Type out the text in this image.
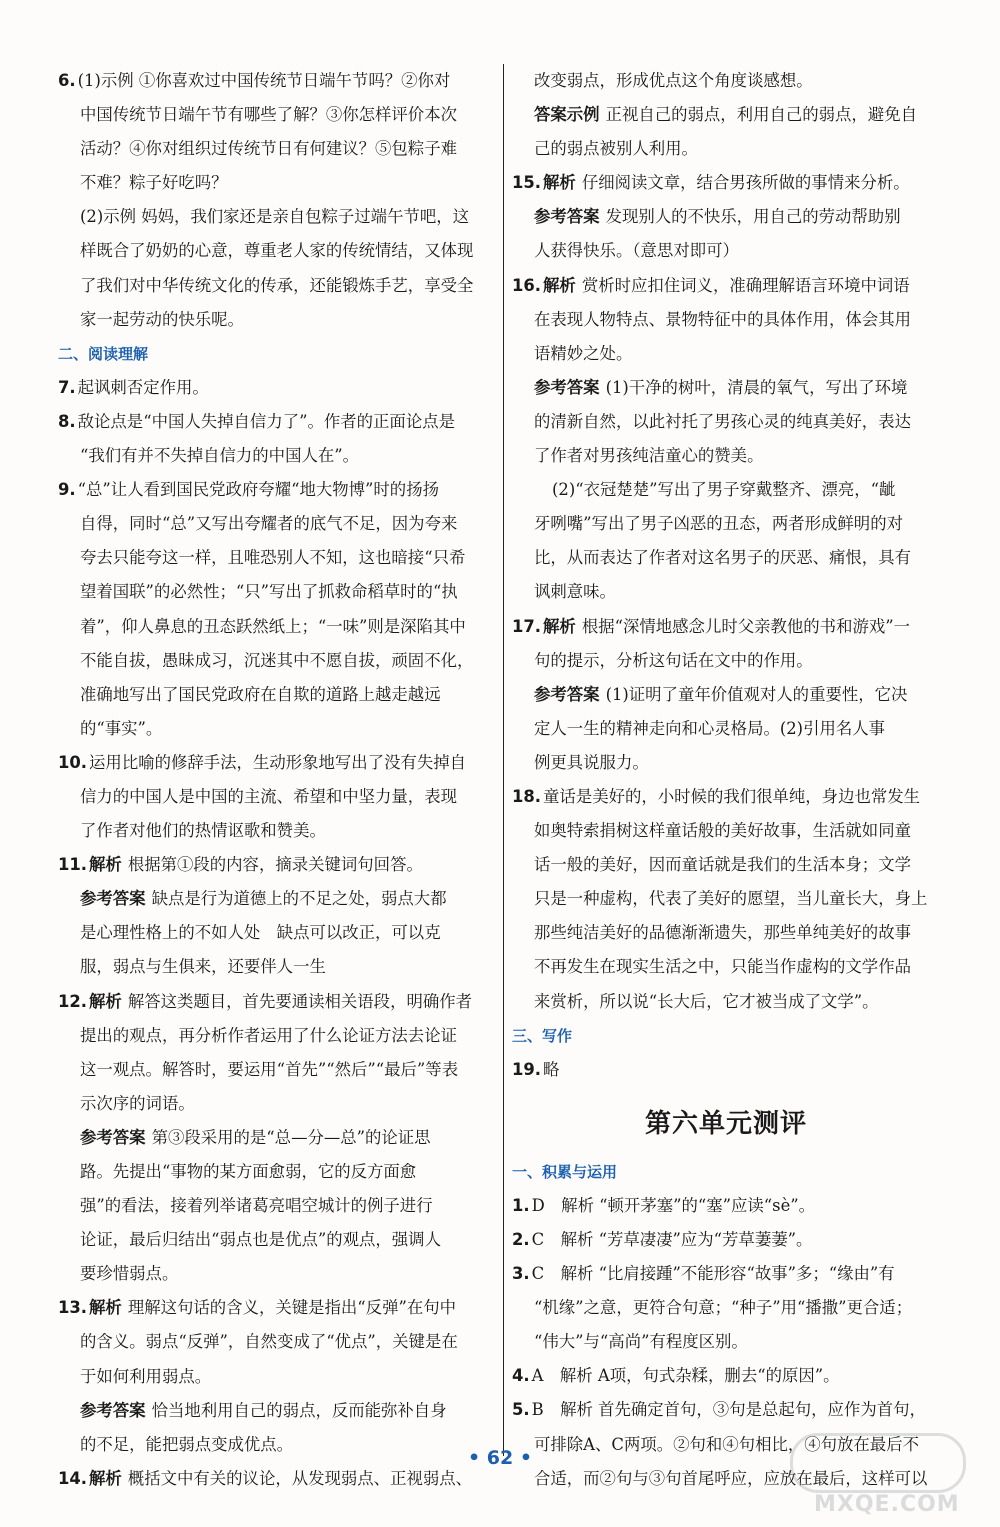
6. (1)示例 ①你喜欢过中国传统节日端午节吗？②你对
中国传统节日端午节有哪些了解？③你怎样评价本次
活动？④你对组织过传统节日有何建议？⑤包粽子难
不难？粽子好吃吗？
(2)示例 妈妈，我们家还是亲自包粽子过端午节吧，这
样既合了奶奶的心意，尊重老人家的传统情结，又体现
了我们对中华传统文化的传承，还能锻炼手艺，享受全
家一起劳动的快乐呢。
二、阅读理解
7. 起讽刺否定作用。
8. 敌论点是“中国人失掉自信力了”。作者的正面论点是
“我们有并不失掉自信力的中国人在”。
9. “总”让人看到国民党政府夸耀“地大物博”时的扬扬
自得，同时“总”又写出夸耀者的底气不足，因为夸来
夸去只能夸这一样，且唯恐别人不知，这也暗接“只希
望着国联”的必然性；“只”写出了抓救命稻草时的“执
着”，仰人鼻息的丑态跃然纸上；“一味”则是深陷其中
不能自拔，愚昧成习，沉迷其中不愿自拔，顽固不化，
准确地写出了国民党政府在自欺的道路上越走越远
的“事实”。
10. 运用比喻的修辞手法，生动形象地写出了没有失掉自
信力的中国人是中国的主流、希望和中坚力量，表现
了作者对他们的热情讴歌和赞美。
11. 解析 根据第①段的内容，摘录关键词句回答。
参考答案 缺点是行为道德上的不足之处，弱点大都
是心理性格上的不如人处　缺点可以改正，可以克
服，弱点与生俱来，还要伴人一生
12. 解析 解答这类题目，首先要通读相关语段，明确作者
提出的观点，再分析作者运用了什么论证方法去论证
这一观点。解答时，要运用“首先”“然后”“最后”等表
示次序的词语。
参考答案 第③段采用的是“总—分—总”的论证思
路。先提出“事物的某方面愈弱，它的反方面愈
强”的看法，接着列举诸葛亮唱空城计的例子进行
论证，最后归结出“弱点也是优点”的观点，强调人
要珍惜弱点。
13. 解析 理解这句话的含义，关键是指出“反弹”在句中
的含义。弱点“反弹”，自然变成了“优点”，关键是在
于如何利用弱点。
参考答案 恰当地利用自己的弱点，反而能弥补自身
的不足，能把弱点变成优点。
14. 解析 概括文中有关的议论，从发现弱点、正视弱点、
改变弱点，形成优点这个角度谈感想。
答案示例 正视自己的弱点，利用自己的弱点，避免自
己的弱点被别人利用。
15. 解析 仔细阅读文章，结合男孩所做的事情来分析。
参考答案 发现别人的不快乐，用自己的劳动帮助别
人获得快乐。（意思对即可）
16. 解析 赏析时应扣住词义，准确理解语言环境中词语
在表现人物特点、景物特征中的具体作用，体会其用
语精妙之处。
参考答案 (1)干净的树叶，清晨的氧气，写出了环境
的清新自然，以此衬托了男孩心灵的纯真美好，表达
了作者对男孩纯洁童心的赞美。
(2)“衣冠楚楚”写出了男子穿戴整齐、漂亮，“龇
牙咧嘴”写出了男子凶恶的丑态，两者形成鲜明的对
比，从而表达了作者对这名男子的厌恶、痛恨，具有
讽刺意味。
17. 解析 根据“深情地感念儿时父亲教他的书和游戏”一
句的提示，分析这句话在文中的作用。
参考答案 (1)证明了童年价值观对人的重要性，它决
定人一生的精神走向和心灵格局。(2)引用名人事
例更具说服力。
18. 童话是美好的，小时候的我们很单纯，身边也常发生
如奥特索捐树这样童话般的美好故事，生活就如同童
话一般的美好，因而童话就是我们的生活本身；文学
只是一种虚构，代表了美好的愿望，当儿童长大，身上
那些纯洁美好的品德渐渐遗失，那些单纯美好的故事
不再发生在现实生活之中，只能当作虚构的文学作品
来赏析，所以说“长大后，它才被当成了文学”。
三、写作
19. 略
第六单元测评
一、积累与运用
1. D　解析 “顿开茅塞”的“塞”应读“sè”。
2. C　解析 “芳草凄凄”应为“芳草萋萋”。
3. C　解析 “比肩接踵”不能形容“故事”多；“缘由”有
“机缘”之意，更符合句意；“种子”用“播撒”更合适；
“伟大”与“高尚”有程度区别。
4. A　解析 A项，句式杂糅，删去“的原因”。
5. B　解析 首先确定首句，③句是总起句，应作为首句，
可排除A、C两项。②句和④句相比，④句放在最后不
合适，而②句与③句首尾呼应，应放在最后，这样可以
• 62 •
MXQE.COM
